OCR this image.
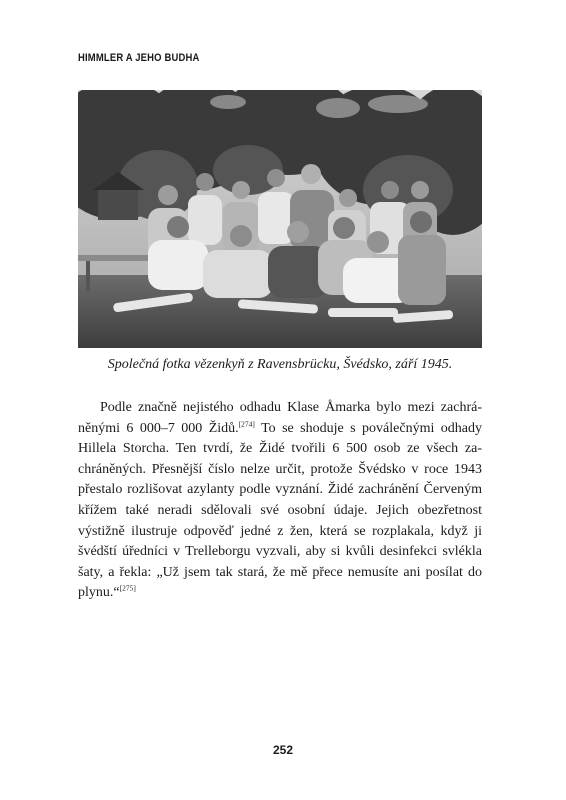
HIMMLER A JEHO BUDHA
Společná fotka vězenkyň z Ravensbrücku, Švédsko, září 1945.

Podle značně nejistého odhadu Klase Åmarka bylo mezi zachráněnými 6 000–7 000 Židů.[274] To se shoduje s poválečnými odhady Hillela Storcha. Ten tvrdí, že Židé tvořili 6 500 osob ze všech zachráněných. Přesnější číslo nelze určit, protože Švédsko v roce 1943 přestalo rozlišovat azylanty podle vyznání. Židé zachránění Červeným křížem také neradi sdělovali své osobní údaje. Jejich obezřetnost výstižně ilustruje odpověď jedné z žen, která se rozplakala, když ji švédští úředníci v Trelleborgu vyzvali, aby si kvůli desinfekci svlékla šaty, a řekla: „Už jsem tak stará, že mě přece nemusíte ani posílat do plynu.“[275]

252
